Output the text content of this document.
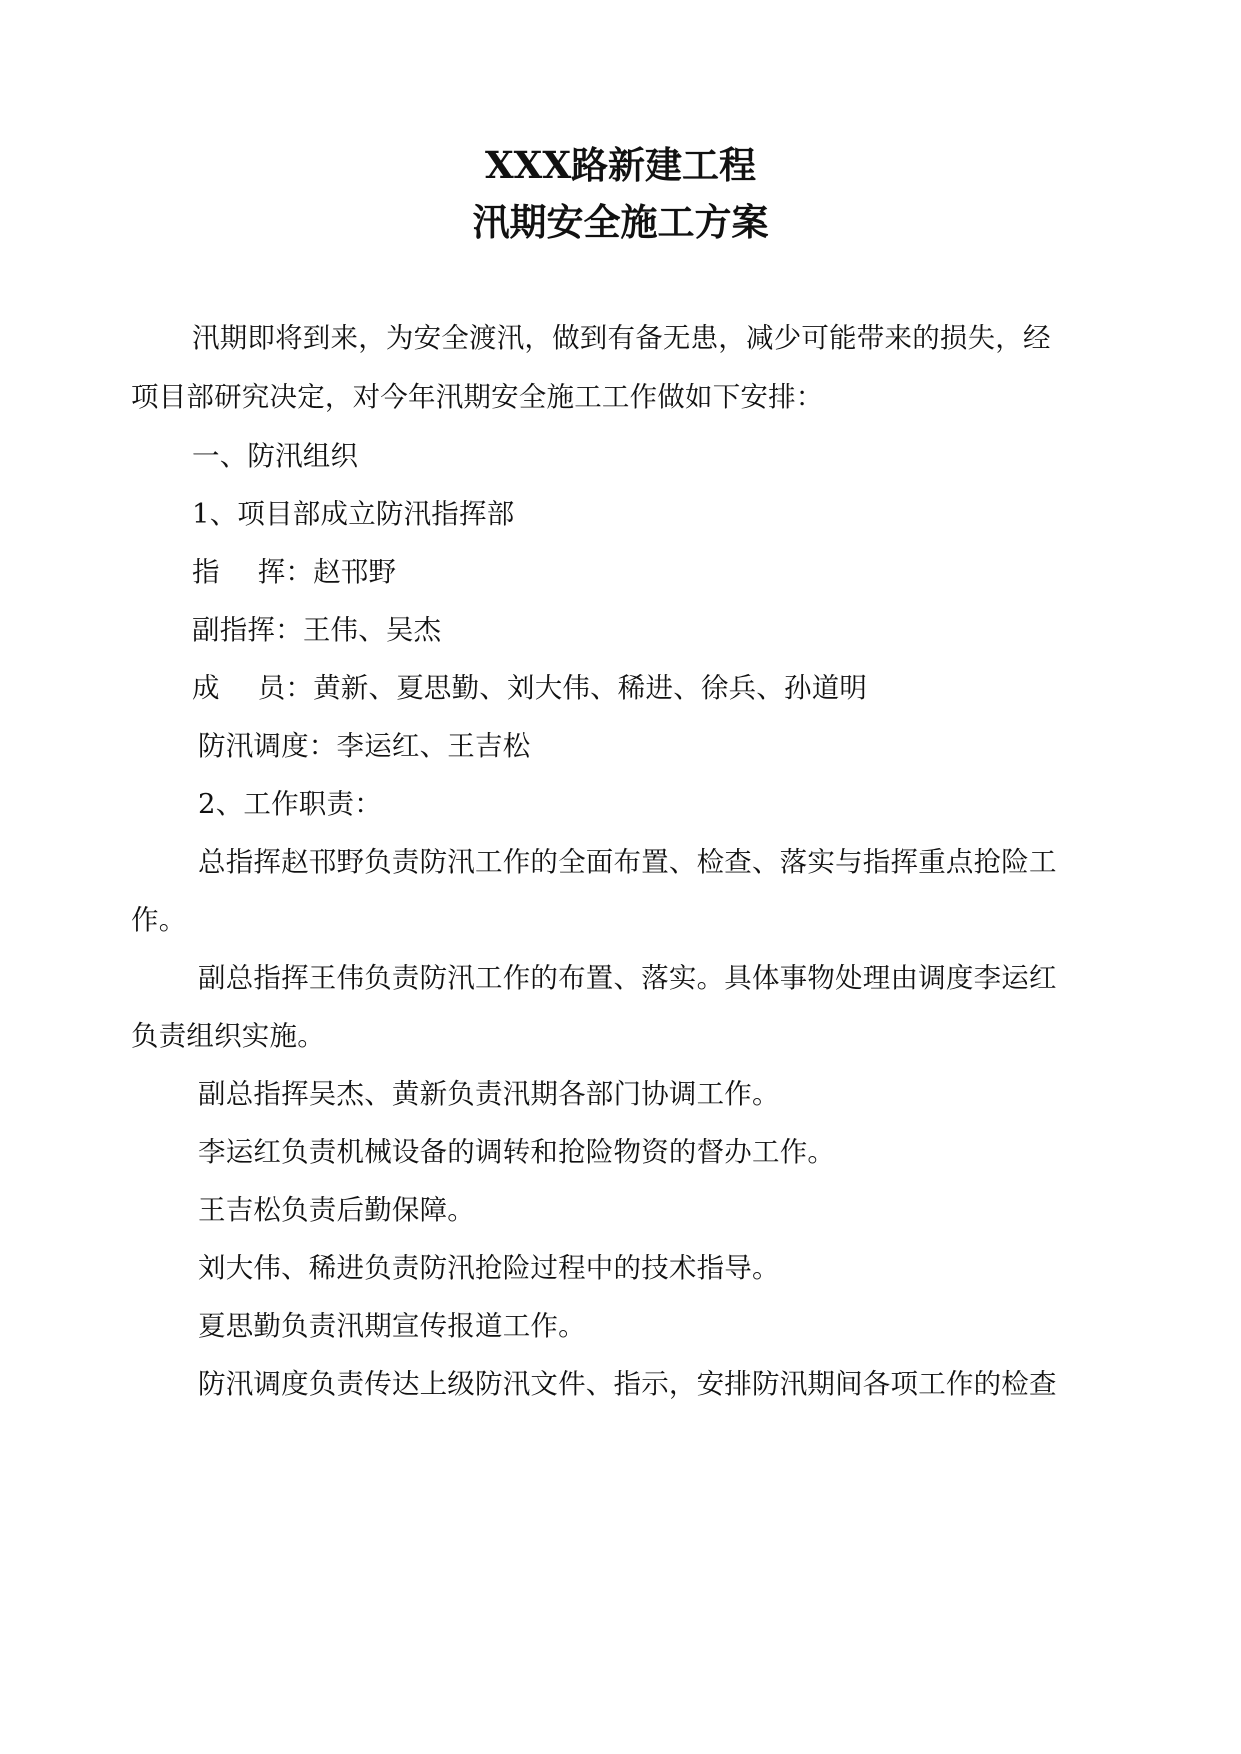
XXX路新建工程
汛期安全施工方案
汛期即将到来，为安全渡汛，做到有备无患，减少可能带来的损失，经
项目部研究决定，对今年汛期安全施工工作做如下安排：
一、防汛组织
1、项目部成立防汛指挥部
指 挥：赵邗野
副指挥：王伟、吴杰
成 员：黄新、夏思勤、刘大伟、稀进、徐兵、孙道明
防汛调度：李运红、王吉松
2、工作职责：
总指挥赵邗野负责防汛工作的全面布置、检查、落实与指挥重点抢险工
作。
副总指挥王伟负责防汛工作的布置、落实。具体事物处理由调度李运红
负责组织实施。
副总指挥吴杰、黄新负责汛期各部门协调工作。
李运红负责机械设备的调转和抢险物资的督办工作。
王吉松负责后勤保障。
刘大伟、稀进负责防汛抢险过程中的技术指导。
夏思勤负责汛期宣传报道工作。
防汛调度负责传达上级防汛文件、指示，安排防汛期间各项工作的检查
